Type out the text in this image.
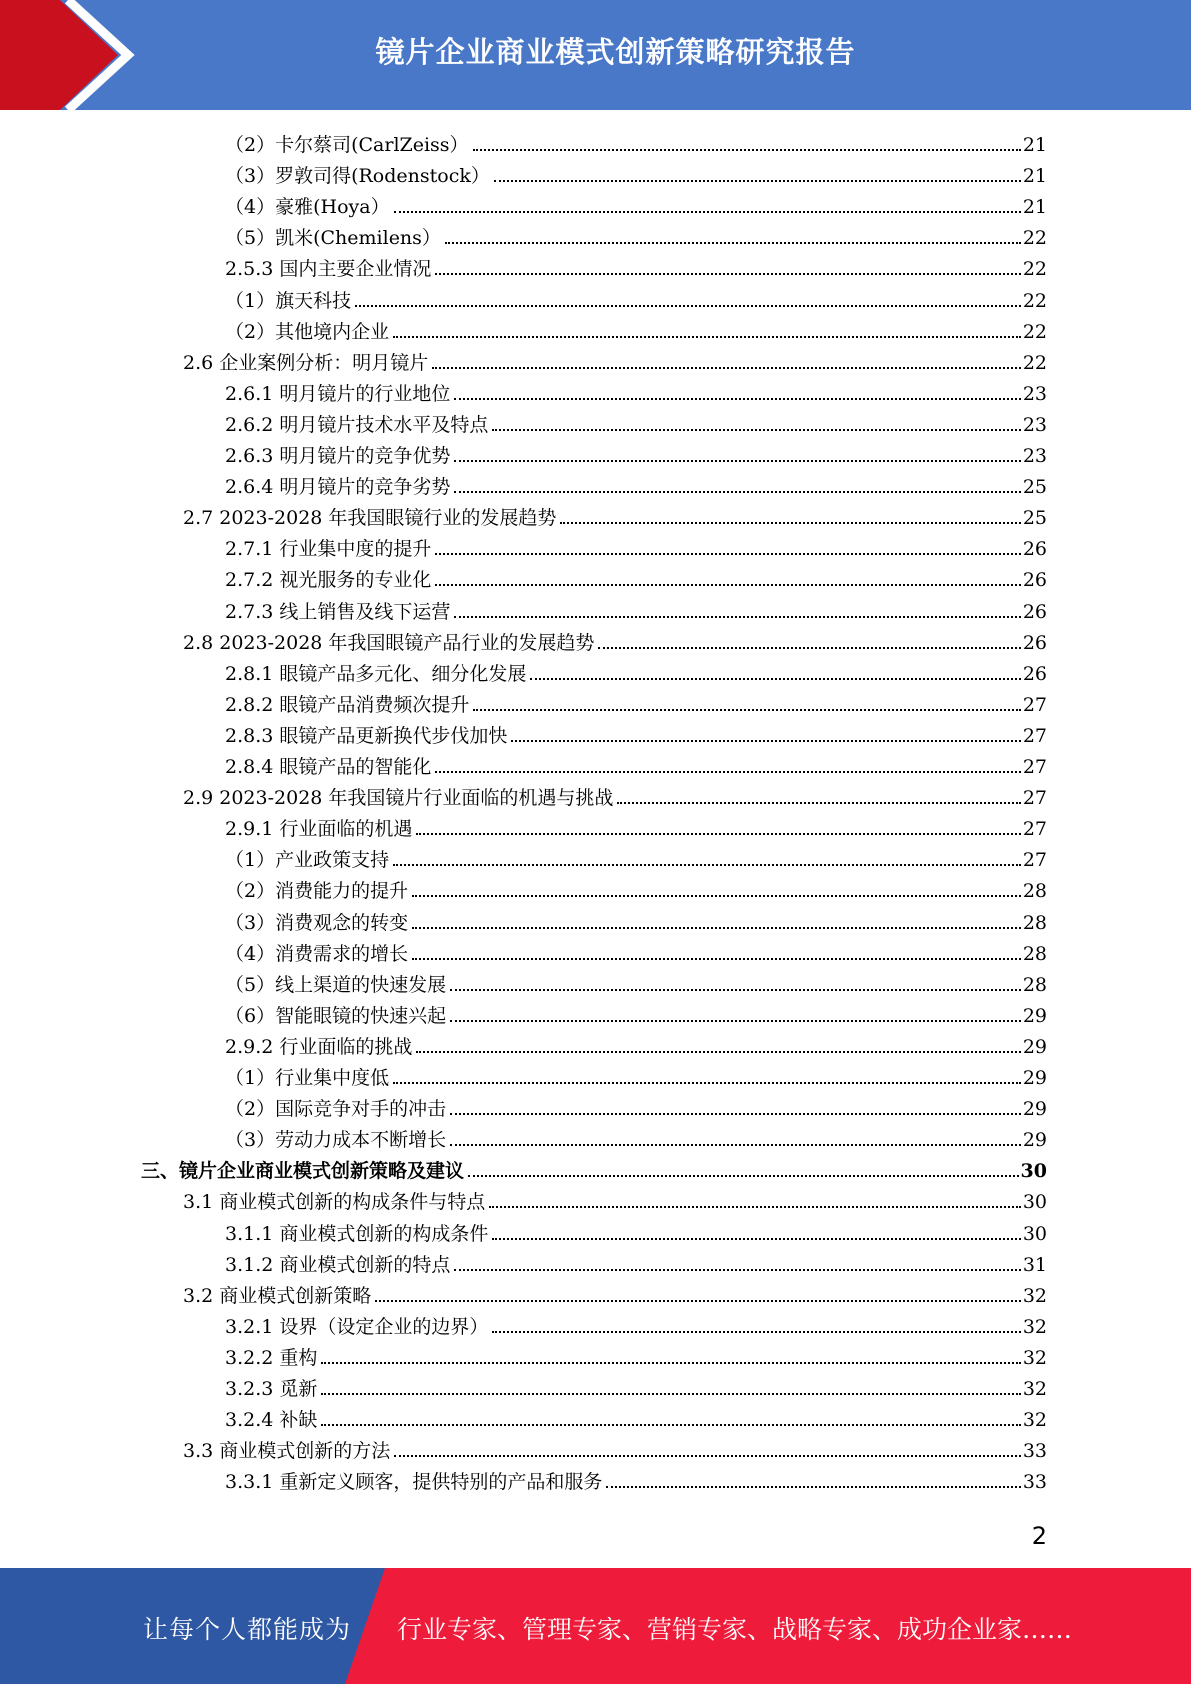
镜片企业商业模式创新策略研究报告
（2）卡尔蔡司(CarlZeiss）	21
（3）罗敦司得(Rodenstock）	21
（4）豪雅(Hoya）	21
（5）凯米(Chemilens）	22
2.5.3 国内主要企业情况	22
（1）旗天科技	22
（2）其他境内企业	22
2.6 企业案例分析：明月镜片	22
2.6.1 明月镜片的行业地位	23
2.6.2 明月镜片技术水平及特点	23
2.6.3 明月镜片的竞争优势	23
2.6.4 明月镜片的竞争劣势	25
2.7 2023-2028 年我国眼镜行业的发展趋势	25
2.7.1 行业集中度的提升	26
2.7.2 视光服务的专业化	26
2.7.3 线上销售及线下运营	26
2.8 2023-2028 年我国眼镜产品行业的发展趋势	26
2.8.1 眼镜产品多元化、细分化发展	26
2.8.2 眼镜产品消费频次提升	27
2.8.3 眼镜产品更新换代步伐加快	27
2.8.4 眼镜产品的智能化	27
2.9 2023-2028 年我国镜片行业面临的机遇与挑战	27
2.9.1 行业面临的机遇	27
（1）产业政策支持	27
（2）消费能力的提升	28
（3）消费观念的转变	28
（4）消费需求的增长	28
（5）线上渠道的快速发展	28
（6）智能眼镜的快速兴起	29
2.9.2 行业面临的挑战	29
（1）行业集中度低	29
（2）国际竞争对手的冲击	29
（3）劳动力成本不断增长	29
三、镜片企业商业模式创新策略及建议	30
3.1 商业模式创新的构成条件与特点	30
3.1.1 商业模式创新的构成条件	30
3.1.2 商业模式创新的特点	31
3.2 商业模式创新策略	32
3.2.1 设界（设定企业的边界）	32
3.2.2 重构	32
3.2.3 觅新	32
3.2.4 补缺	32
3.3 商业模式创新的方法	33
3.3.1 重新定义顾客，提供特别的产品和服务	33
2
让每个人都能成为 行业专家、管理专家、营销专家、战略专家、成功企业家……
